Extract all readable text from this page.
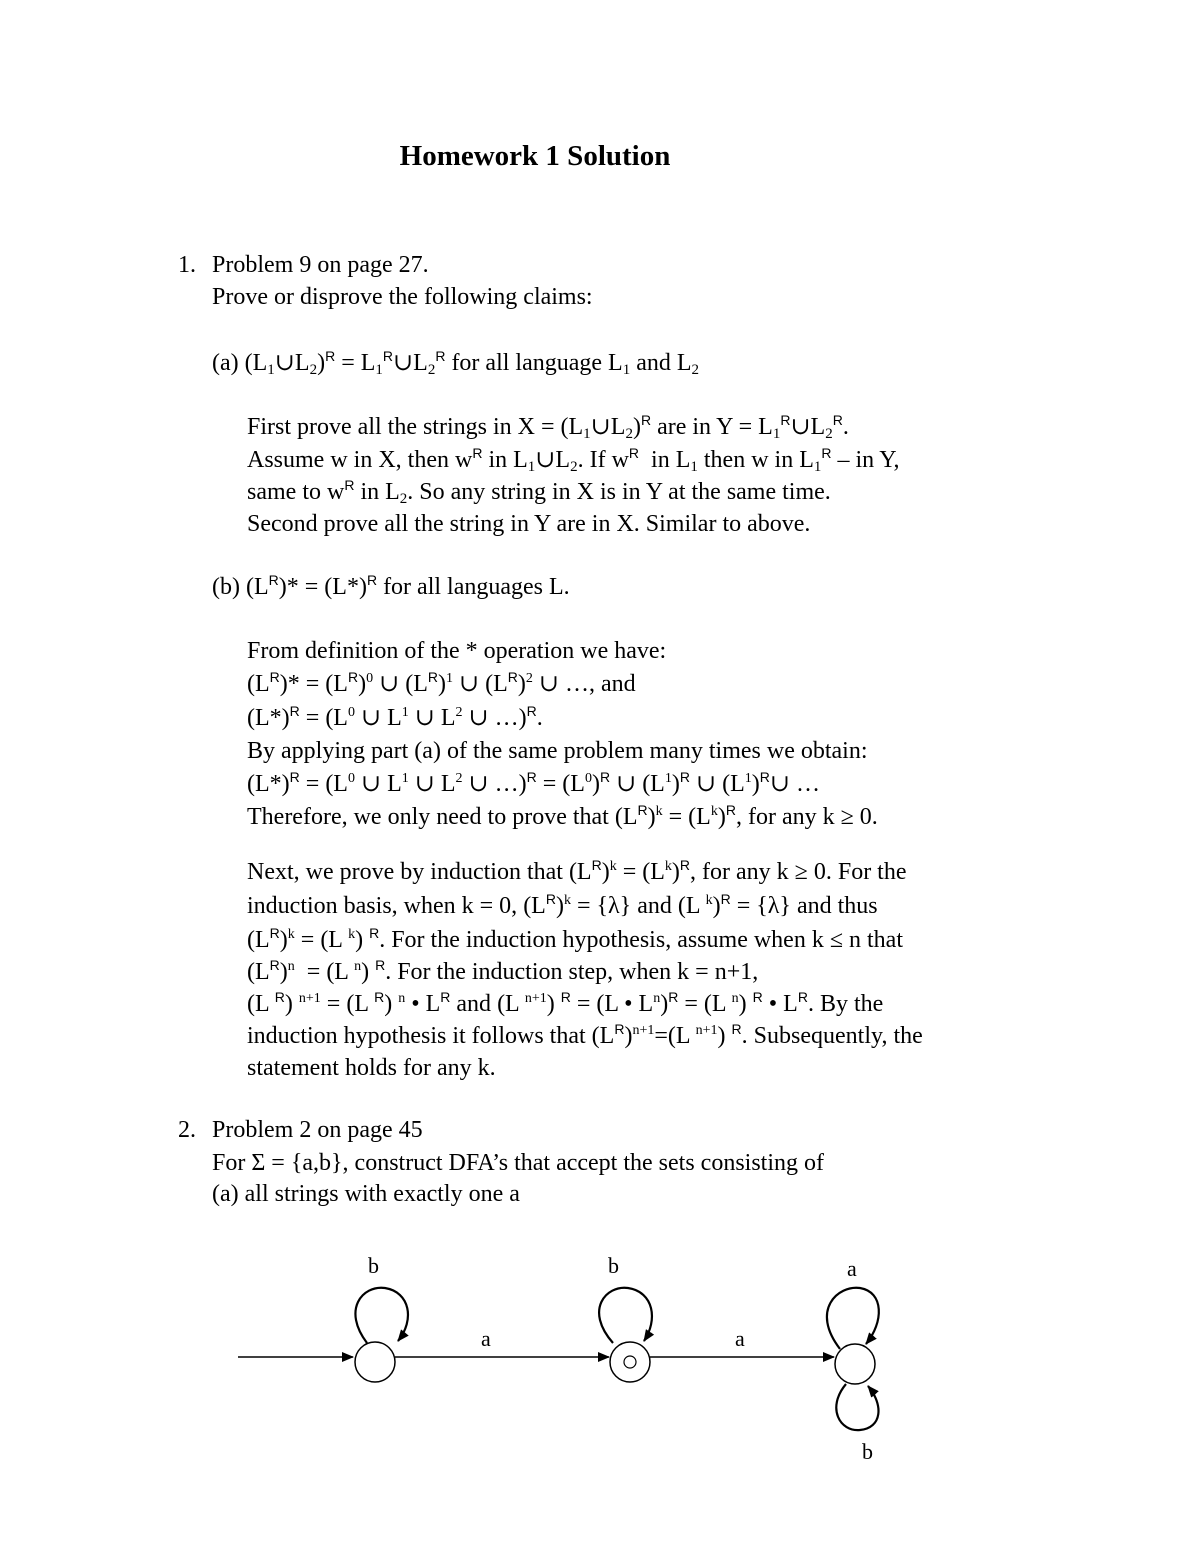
Homework 1 Solution
1. Problem 9 on page 27.
Prove or disprove the following claims:
(a) $(L_1\cup L_2)^R$ = $L_1^R\cup L_2^R$ for all language $L_1$ and $L_2$
First prove all the strings in $X = (L_1\cup L_2)^R$ are in $Y = L_1^R\cup L_2^R$.
Assume w in X, then $w^R$ in $L_1\cup L_2$. If $w^R$ in $L_1$ then w in $L_1^R$ – in Y,
same to $w^R$ in $L_2$. So any string in X is in Y at the same time.
Second prove all the string in Y are in X. Similar to above.
(b) $(L^R)* = (L*)^R$ for all languages L.
From definition of the * operation we have:
$(L^R)* = (L^R)^0$ ∪ $(L^R)^1$ ∪ $(L^R)^2$ ∪ …, and
$(L*)^R = (L^0$ ∪ $L^1$ ∪ $L^2$ ∪ …)$^R$.
By applying part (a) of the same problem many times we obtain:
$(L*)^R = (L^0$ ∪ $L^1$ ∪ $L^2$ ∪ …)$^R$ = $(L^0)^R$ ∪ $(L^1)^R$ ∪ $(L^1)^R\cup$ …
Therefore, we only need to prove that $(L^R)^k = (L^k)^R$, for any k ≥ 0.
Next, we prove by induction that $(L^R)^k = (L^k)^R$, for any k ≥ 0. For the
induction basis, when k = 0, $(L^R)^k = \{\lambda\}$ and (L $^k$)$^R$ = {λ} and thus
$(L^R)^k = (L$ $^k$) $^R$. For the induction hypothesis, assume when k ≤ n that
$(L^R)^n = (L$ $^n$) $^R$. For the induction step, when k = n+1,
(L $^R$) $^{n+1}$ = (L $^R$) $^n$ • $L^R$ and (L $^{n+1}$) $^R$ = (L • $L^n)^R = (L$ $^n$) $^R$ • $L^R$. By the
induction hypothesis it follows that $(L^R)^{n+1}=(L$ $^{n+1}$) $^R$. Subsequently, the
statement holds for any k.
2. Problem 2 on page 45
For Σ = {a,b}, construct DFA’s that accept the sets consisting of
(a) all strings with exactly one a
b	b	a
b
a	a
